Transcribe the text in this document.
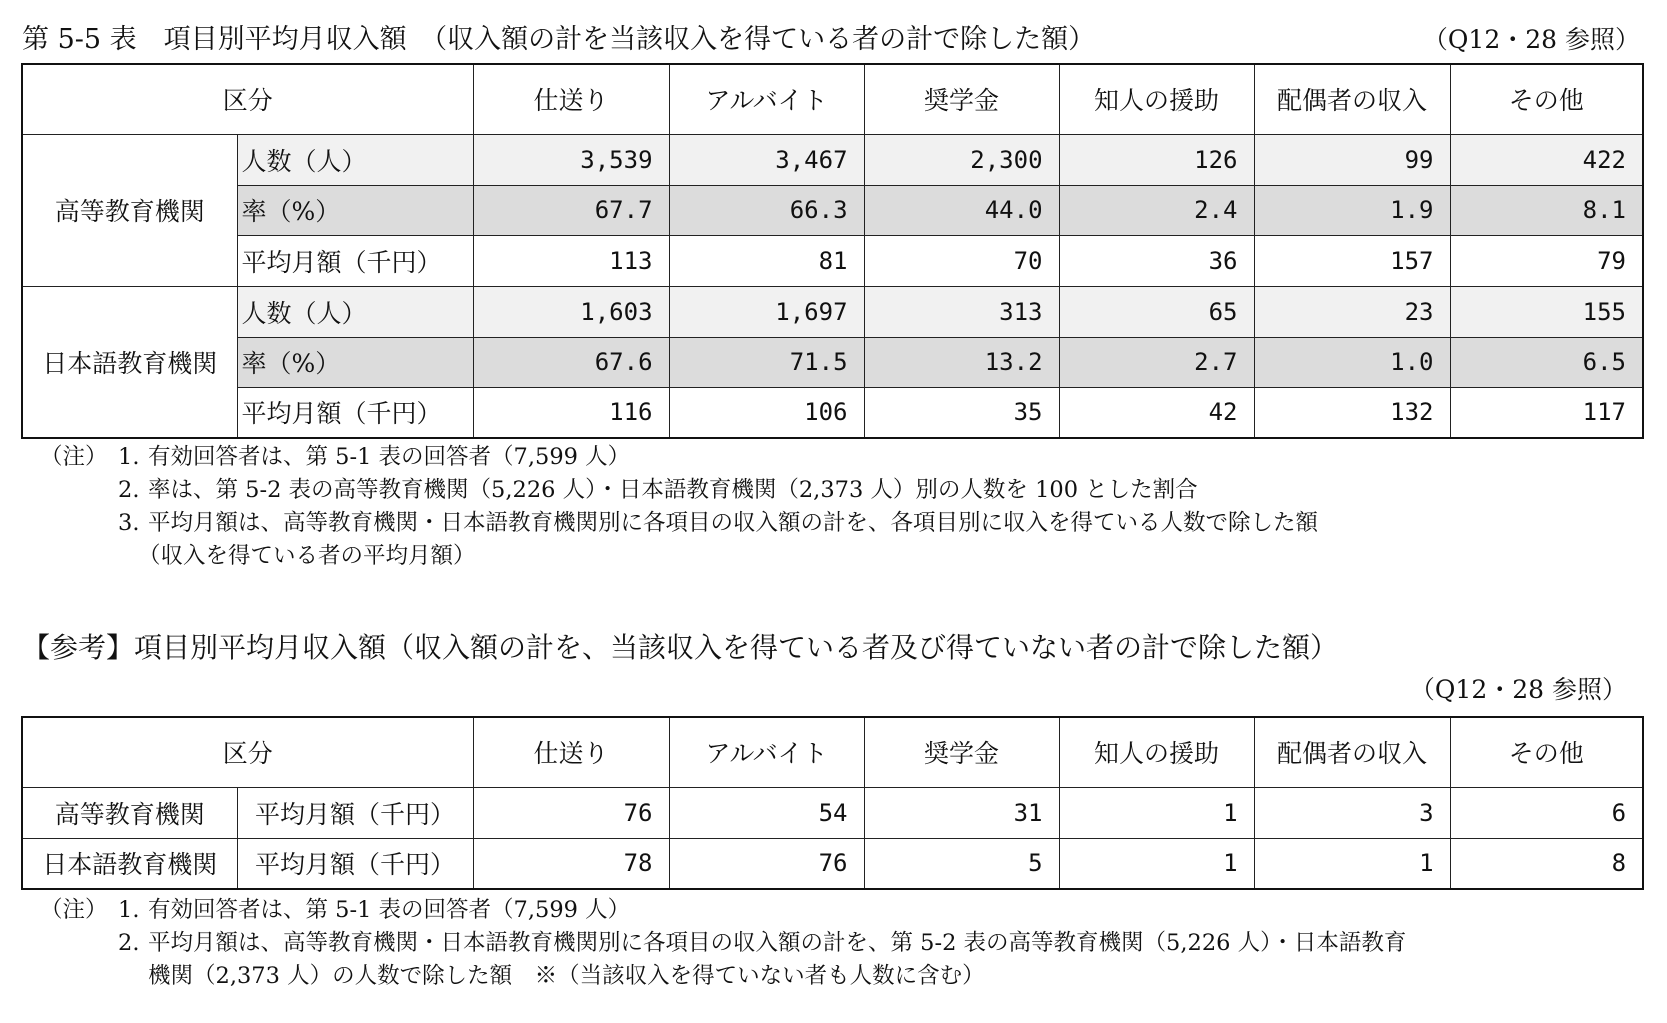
第 5-5 表　項目別平均月収入額　（収入額の計を当該収入を得ている者の計で除した額）	（Q12・28 参照）
区分		仕送り	アルバイト	奨学金	知人の援助	配偶者の収入	その他
高等教育機関	人数（人）	3,539	3,467	2,300	126	99	422
	率（%）	67.7	66.3	44.0	2.4	1.9	8.1
	平均月額（千円）	113	81	70	36	157	79
日本語教育機関	人数（人）	1,603	1,697	313	65	23	155
	率（%）	67.6	71.5	13.2	2.7	1.0	6.5
	平均月額（千円）	116	106	35	42	132	117
（注） 1. 有効回答者は、第 5-1 表の回答者（7,599 人）
2. 率は、第 5-2 表の高等教育機関（5,226 人）・日本語教育機関（2,373 人）別の人数を 100 とした割合
3. 平均月額は、高等教育機関・日本語教育機関別に各項目の収入額の計を、各項目別に収入を得ている人数で除した額
（収入を得ている者の平均月額）
【参考】項目別平均月収入額（収入額の計を、当該収入を得ている者及び得ていない者の計で除した額）
（Q12・28 参照）
区分		仕送り	アルバイト	奨学金	知人の援助	配偶者の収入	その他
高等教育機関	平均月額（千円）	76	54	31	1	3	6
日本語教育機関	平均月額（千円）	78	76	5	1	1	8
（注） 1. 有効回答者は、第 5-1 表の回答者（7,599 人）
2. 平均月額は、高等教育機関・日本語教育機関別に各項目の収入額の計を、第 5-2 表の高等教育機関（5,226 人）・日本語教育
機関（2,373 人）の人数で除した額　※（当該収入を得ていない者も人数に含む）
